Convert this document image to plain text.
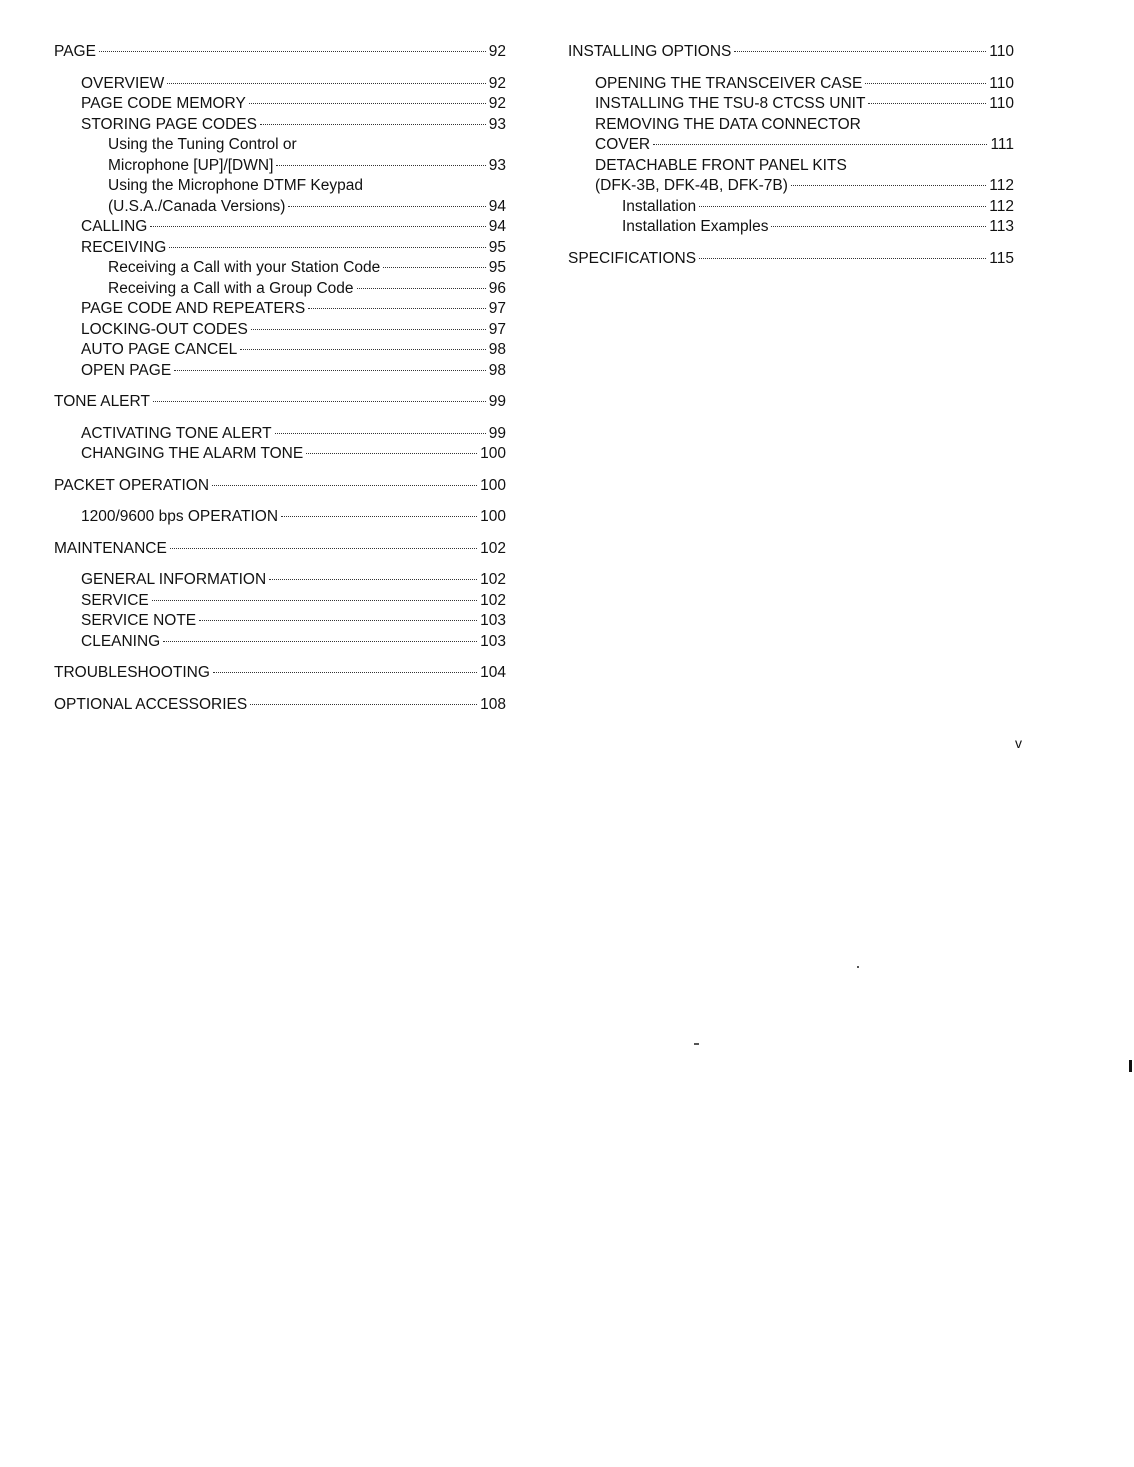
PAGE	92
OVERVIEW	92
PAGE CODE MEMORY	92
STORING PAGE CODES	93
Using the Tuning Control or
Microphone [UP]/[DWN]	93
Using the Microphone DTMF Keypad
(U.S.A./Canada Versions)	94
CALLING	94
RECEIVING	95
Receiving a Call with your Station Code	95
Receiving a Call with a Group Code	96
PAGE CODE AND REPEATERS	97
LOCKING-OUT CODES	97
AUTO PAGE CANCEL	98
OPEN PAGE	98
TONE ALERT	99
ACTIVATING TONE ALERT	99
CHANGING THE ALARM TONE	100
PACKET OPERATION	100
1200/9600 bps OPERATION	100
MAINTENANCE	102
GENERAL INFORMATION	102
SERVICE	102
SERVICE NOTE	103
CLEANING	103
TROUBLESHOOTING	104
OPTIONAL ACCESSORIES	108
INSTALLING OPTIONS	110
OPENING THE TRANSCEIVER CASE	110
INSTALLING THE TSU-8 CTCSS UNIT	110
REMOVING THE DATA CONNECTOR
COVER	111
DETACHABLE FRONT PANEL KITS
(DFK-3B, DFK-4B, DFK-7B)	112
Installation	112
Installation Examples	113
SPECIFICATIONS	115
v
